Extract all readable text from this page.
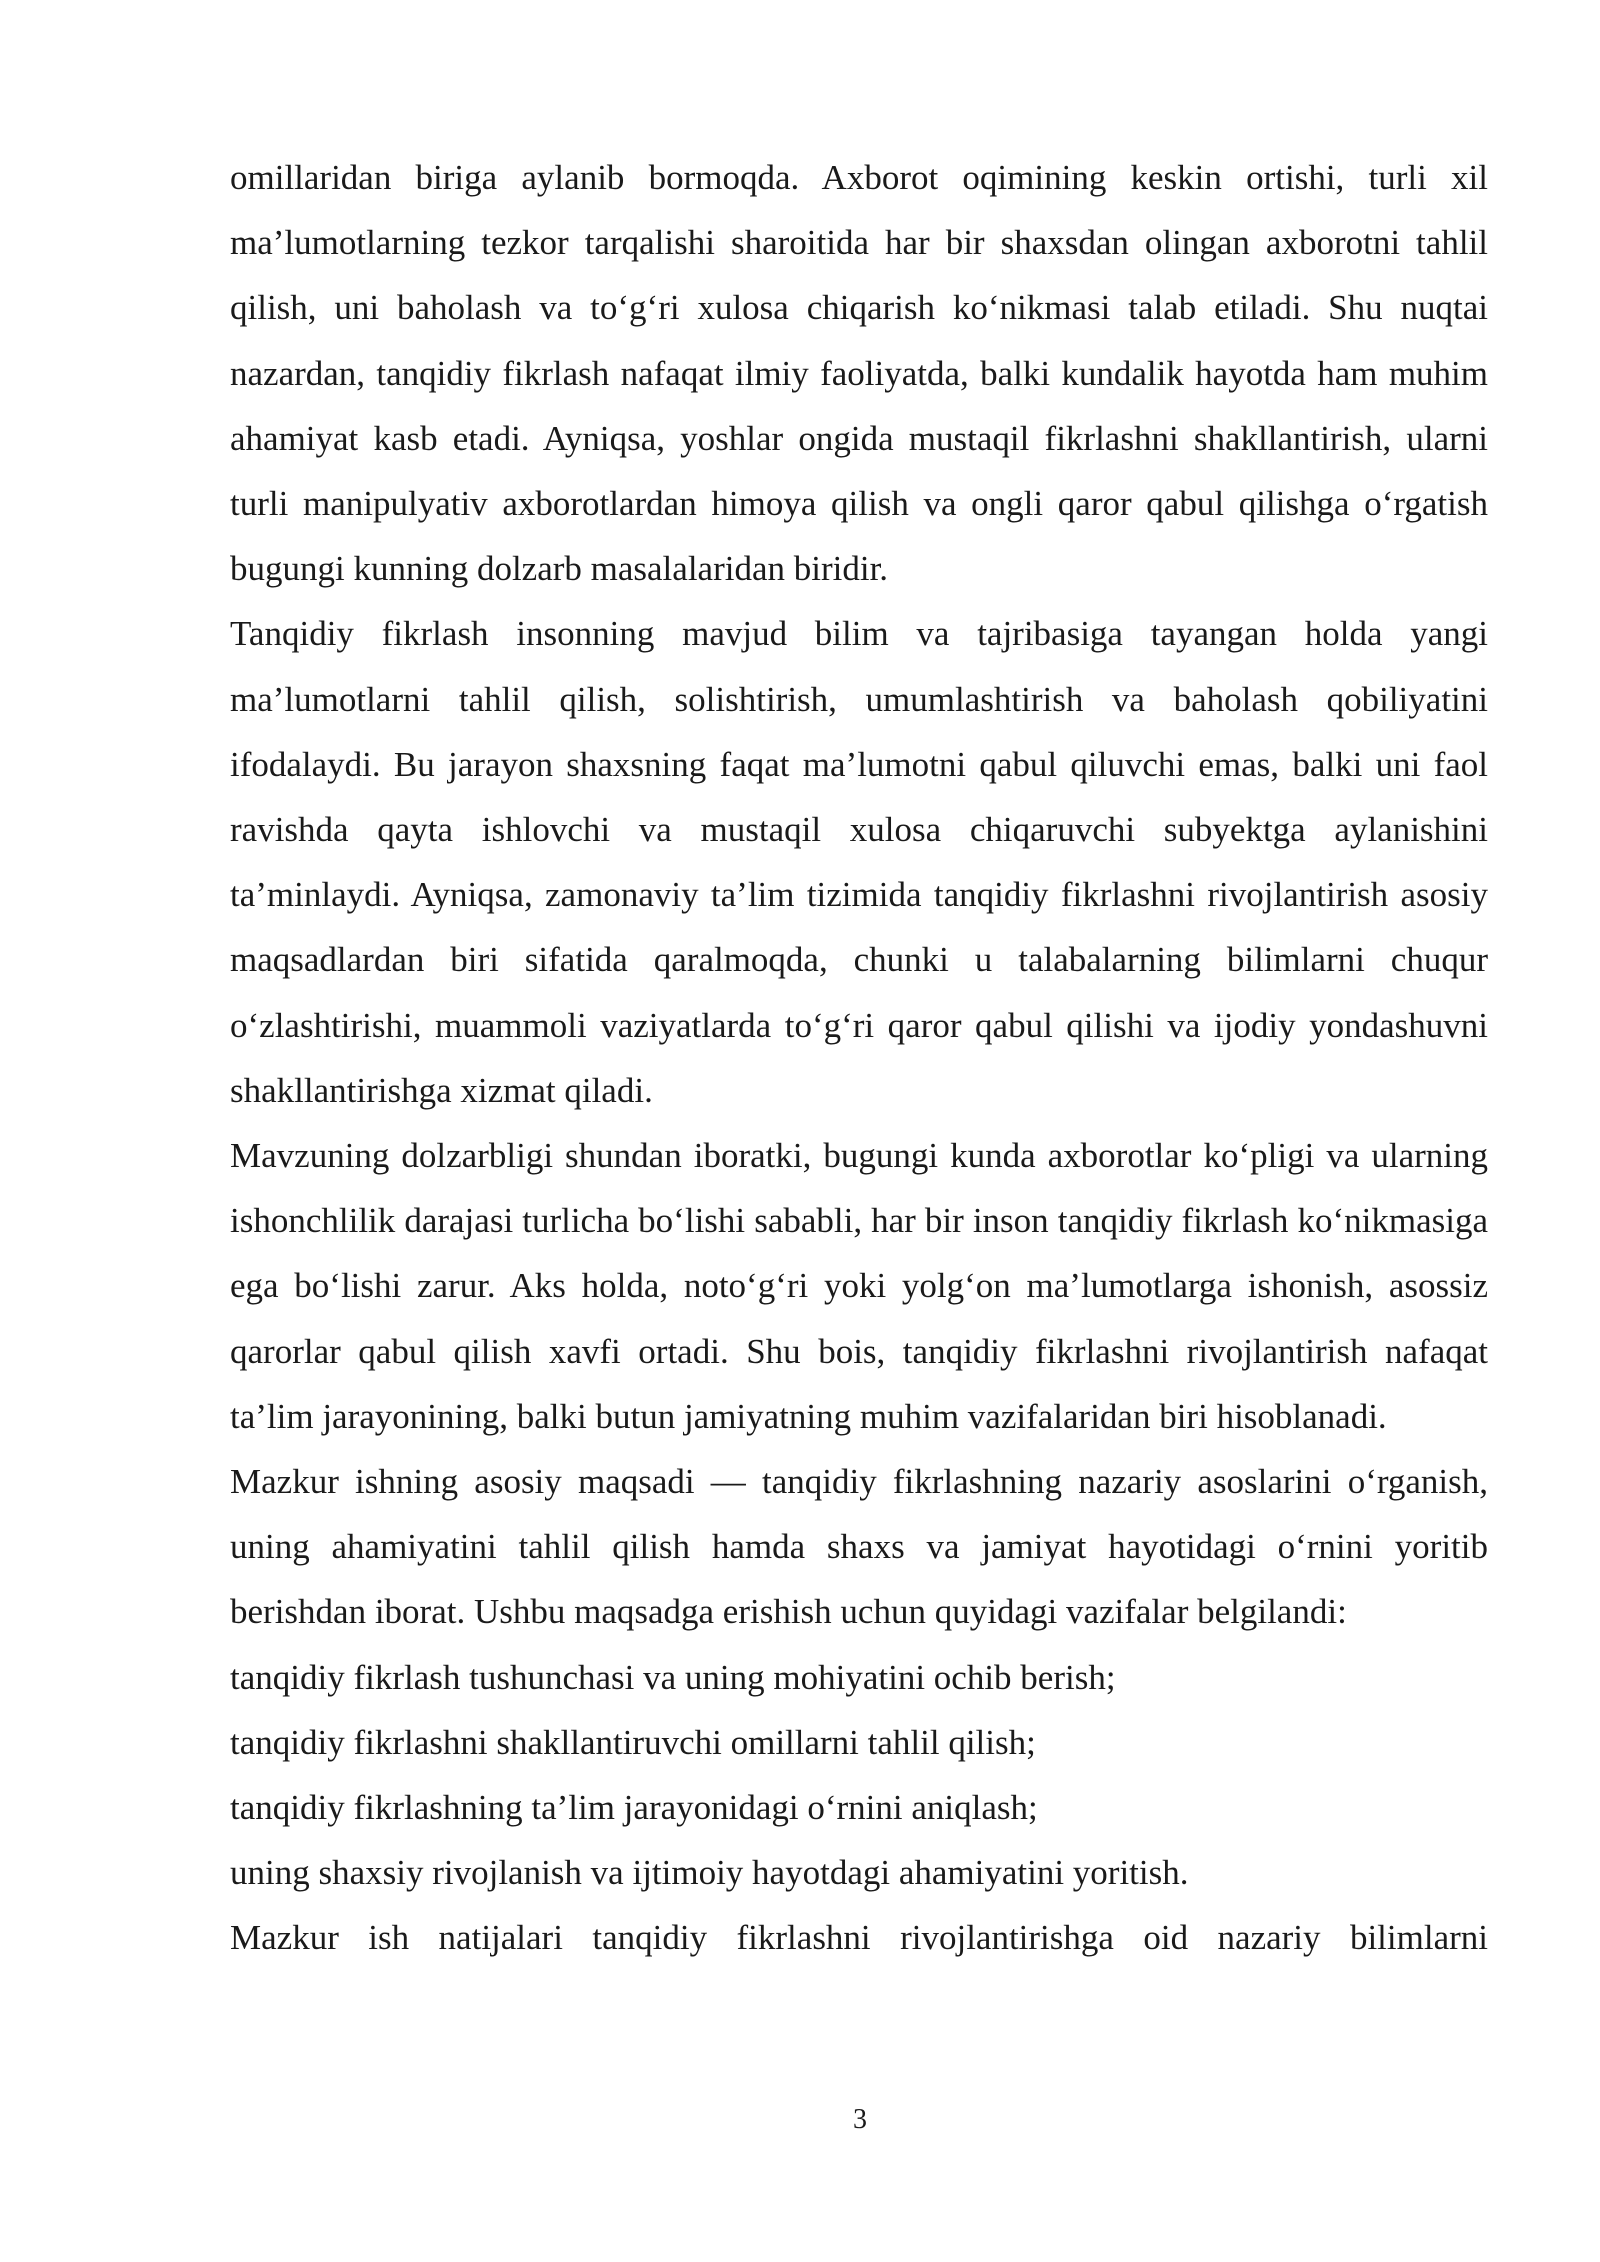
omillaridan biriga aylanib bormoqda. Axborot oqimining keskin ortishi, turli xil ma’lumotlarning tezkor tarqalishi sharoitida har bir shaxsdan olingan axborotni tahlil qilish, uni baholash va to‘g‘ri xulosa chiqarish ko‘nikmasi talab etiladi. Shu nuqtai nazardan, tanqidiy fikrlash nafaqat ilmiy faoliyatda, balki kundalik hayotda ham muhim ahamiyat kasb etadi. Ayniqsa, yoshlar ongida mustaqil fikrlashni shakllantirish, ularni turli manipulyativ axborotlardan himoya qilish va ongli qaror qabul qilishga o‘rgatish bugungi kunning dolzarb masalalaridan biridir.

Tanqidiy fikrlash insonning mavjud bilim va tajribasiga tayangan holda yangi ma’lumotlarni tahlil qilish, solishtirish, umumlashtirish va baholash qobiliyatini ifodalaydi. Bu jarayon shaxsning faqat ma’lumotni qabul qiluvchi emas, balki uni faol ravishda qayta ishlovchi va mustaqil xulosa chiqaruvchi subyektga aylanishini ta’minlaydi. Ayniqsa, zamonaviy ta’lim tizimida tanqidiy fikrlashni rivojlantirish asosiy maqsadlardan biri sifatida qaralmoqda, chunki u talabalarning bilimlarni chuqur o‘zlashtirishi, muammoli vaziyatlarda to‘g‘ri qaror qabul qilishi va ijodiy yondashuvni shakllantirishga xizmat qiladi.

Mavzuning dolzarbligi shundan iboratki, bugungi kunda axborotlar ko‘pligi va ularning ishonchlilik darajasi turlicha bo‘lishi sababli, har bir inson tanqidiy fikrlash ko‘nikmasiga ega bo‘lishi zarur. Aks holda, noto‘g‘ri yoki yolg‘on ma’lumotlarga ishonish, asossiz qarorlar qabul qilish xavfi ortadi. Shu bois, tanqidiy fikrlashni rivojlantirish nafaqat ta’lim jarayonining, balki butun jamiyatning muhim vazifalaridan biri hisoblanadi.

Mazkur ishning asosiy maqsadi — tanqidiy fikrlashning nazariy asoslarini o‘rganish, uning ahamiyatini tahlil qilish hamda shaxs va jamiyat hayotidagi o‘rnini yoritib berishdan iborat. Ushbu maqsadga erishish uchun quyidagi vazifalar belgilandi:

tanqidiy fikrlash tushunchasi va uning mohiyatini ochib berish;

tanqidiy fikrlashni shakllantiruvchi omillarni tahlil qilish;

tanqidiy fikrlashning ta’lim jarayonidagi o‘rnini aniqlash;

uning shaxsiy rivojlanish va ijtimoiy hayotdagi ahamiyatini yoritish.

Mazkur ish natijalari tanqidiy fikrlashni rivojlantirishga oid nazariy bilimlarni

3
